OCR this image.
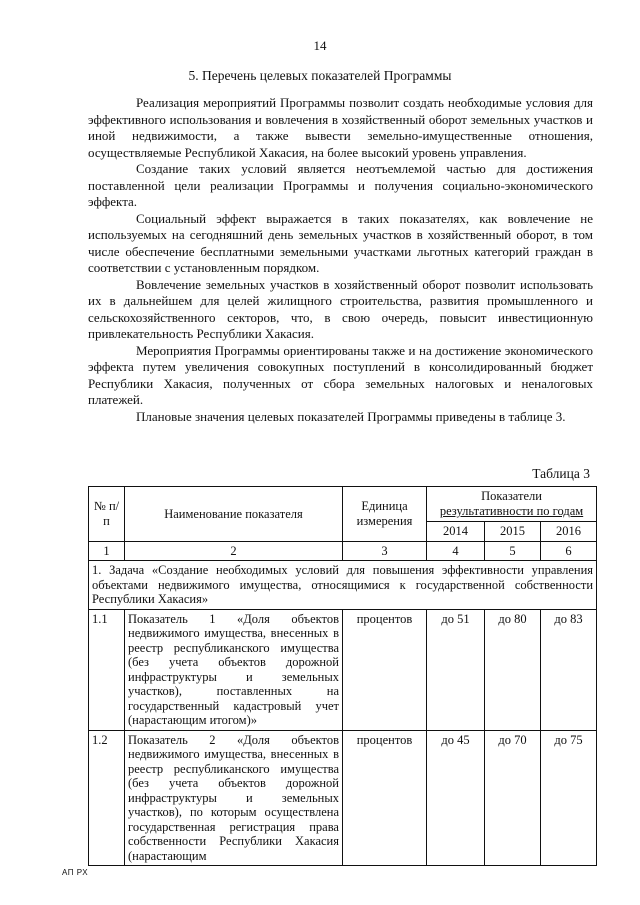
14
5. Перечень целевых показателей Программы

Реализация мероприятий Программы позволит создать необходимые условия для эффективного использования и вовлечения в хозяйственный оборот земельных участков и иной недвижимости, а также вывести земельно-имущественные отношения, осуществляемые Республикой Хакасия, на более высокий уровень управления.

Создание таких условий является неотъемлемой частью для достижения поставленной цели реализации Программы и получения социально-экономического эффекта.

Социальный эффект выражается в таких показателях, как вовлечение не используемых на сегодняшний день земельных участков в хозяйственный оборот, в том числе обеспечение бесплатными земельными участками льготных категорий граждан в соответствии с установленным порядком.

Вовлечение земельных участков в хозяйственный оборот позволит использовать их в дальнейшем для целей жилищного строительства, развития промышленного и сельскохозяйственного секторов, что, в свою очередь, повысит инвестиционную привлекательность Республики Хакасия.

Мероприятия Программы ориентированы также и на достижение экономического эффекта путем увеличения совокупных поступлений в консолидированный бюджет Республики Хакасия, полученных от сбора земельных налоговых и неналоговых платежей.

Плановые значения целевых показателей Программы приведены в таблице 3.

Таблица 3
№ п/п	Наименование показателя	Единица измерения	Показатели
результативности по годам		

			2014	2015	2016
1	2	3	4	5	6
1. Задача «Создание необходимых условий для повышения эффективности управления объектами недвижимого имущества, относящимися к государственной собственности Республики Хакасия»					
1.1	Показатель 1 «Доля объектов недвижимого имущества, внесенных в реестр республиканского имущества (без учета объектов дорожной инфраструктуры и земельных участков), поставленных на государственный кадастровый учет (нарастающим итогом)»	процентов	до 51	до 80	до 83
1.2	Показатель 2 «Доля объектов недвижимого имущества, внесенных в реестр республиканского имущества (без учета объектов дорожной инфраструктуры и земельных участков), по которым осуществлена государственная регистрация права собственности Республики Хакасия (нарастающим	процентов	до 45	до 70	до 75
АП РХ
